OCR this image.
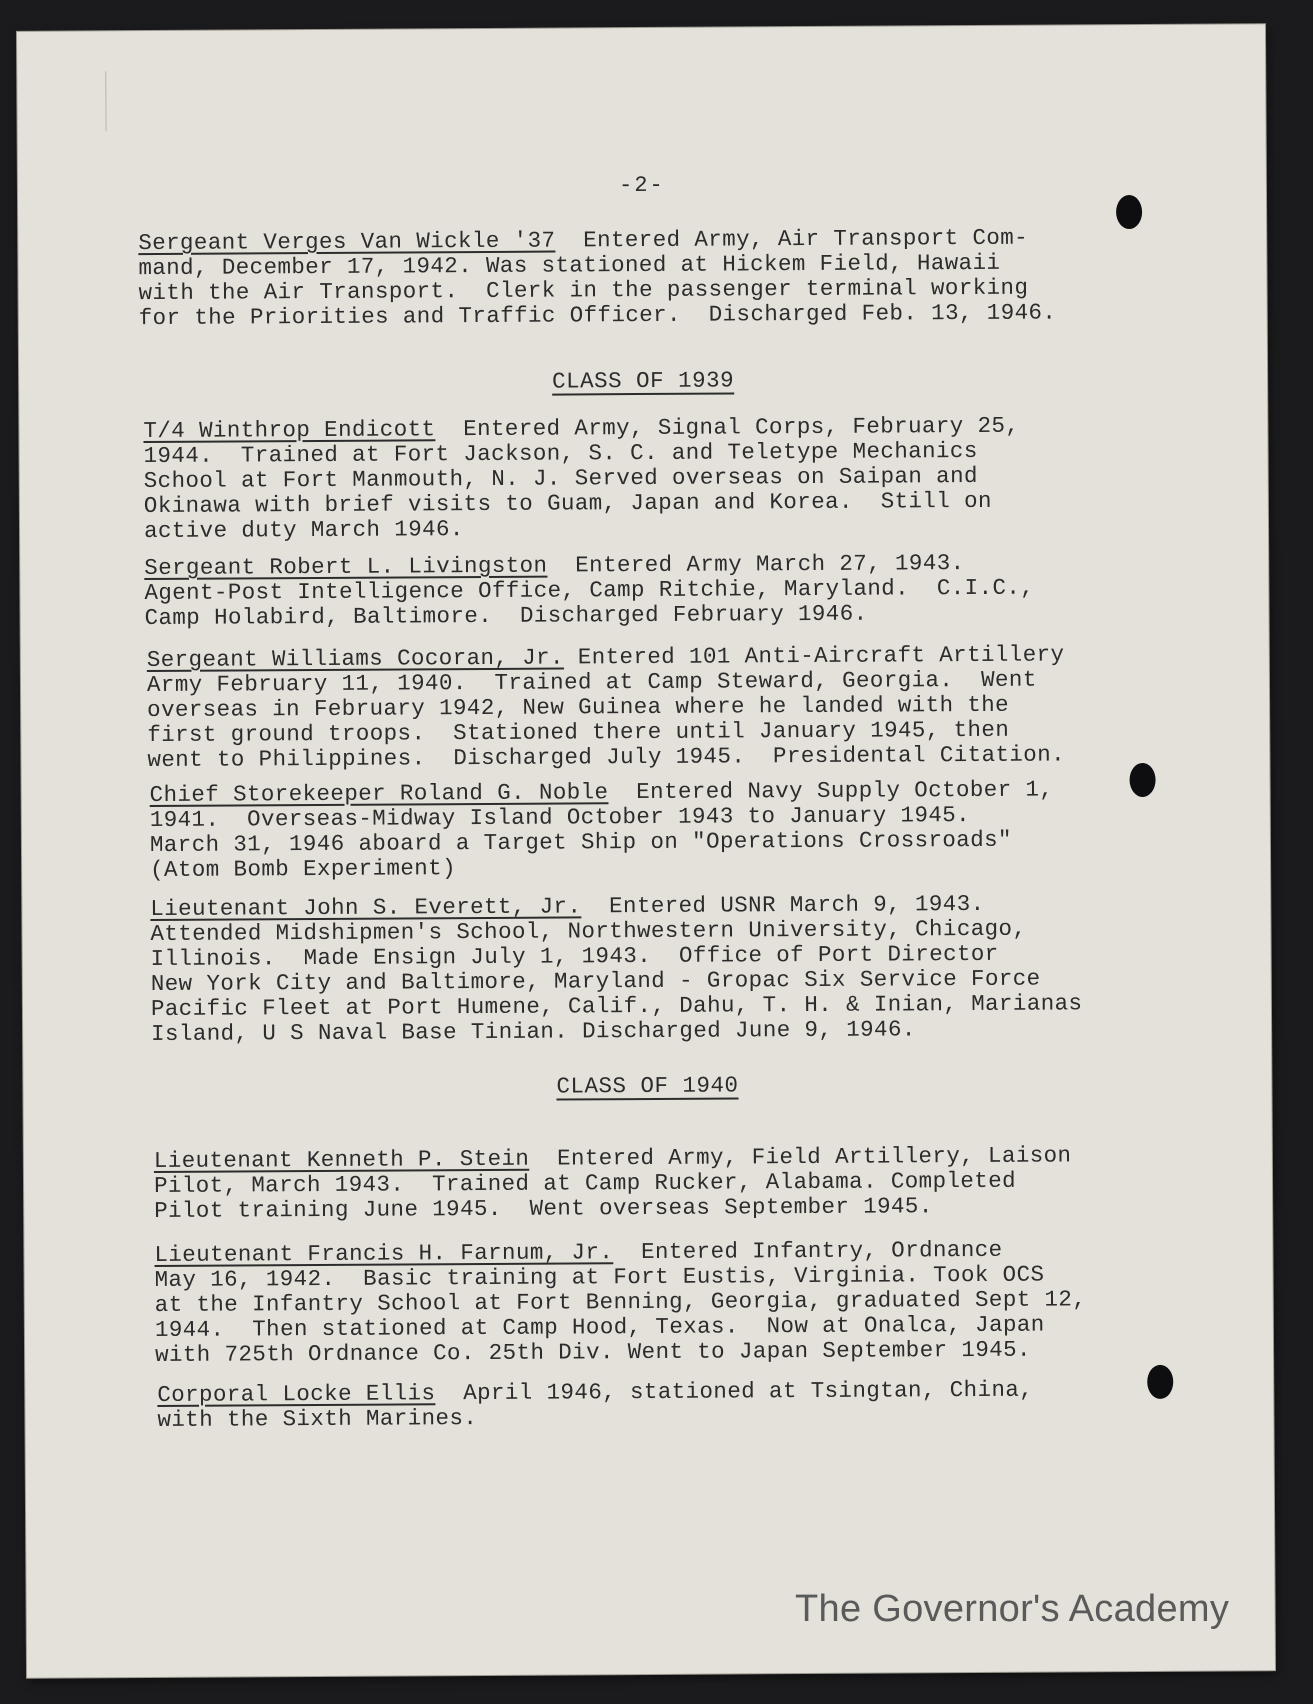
-2-
Sergeant Verges Van Wickle '37  Entered Army, Air Transport Com-
mand, December 17, 1942. Was stationed at Hickem Field, Hawaii
with the Air Transport.  Clerk in the passenger terminal working
for the Priorities and Traffic Officer.  Discharged Feb. 13, 1946.
CLASS OF 1939
T/4 Winthrop Endicott  Entered Army, Signal Corps, February 25,
1944.  Trained at Fort Jackson, S. C. and Teletype Mechanics
School at Fort Manmouth, N. J. Served overseas on Saipan and
Okinawa with brief visits to Guam, Japan and Korea.  Still on
active duty March 1946.
Sergeant Robert L. Livingston  Entered Army March 27, 1943.
Agent-Post Intelligence Office, Camp Ritchie, Maryland.  C.I.C.,
Camp Holabird, Baltimore.  Discharged February 1946.
Sergeant Williams Cocoran, Jr. Entered 101 Anti-Aircraft Artillery
Army February 11, 1940.  Trained at Camp Steward, Georgia.  Went
overseas in February 1942, New Guinea where he landed with the
first ground troops.  Stationed there until January 1945, then
went to Philippines.  Discharged July 1945.  Presidental Citation.
Chief Storekeeper Roland G. Noble  Entered Navy Supply October 1,
1941.  Overseas-Midway Island October 1943 to January 1945.
March 31, 1946 aboard a Target Ship on "Operations Crossroads"
(Atom Bomb Experiment)
Lieutenant John S. Everett, Jr.  Entered USNR March 9, 1943.
Attended Midshipmen's School, Northwestern University, Chicago,
Illinois.  Made Ensign July 1, 1943.  Office of Port Director
New York City and Baltimore, Maryland - Gropac Six Service Force
Pacific Fleet at Port Humene, Calif., Dahu, T. H. & Inian, Marianas
Island, U S Naval Base Tinian. Discharged June 9, 1946.
CLASS OF 1940
Lieutenant Kenneth P. Stein  Entered Army, Field Artillery, Laison
Pilot, March 1943.  Trained at Camp Rucker, Alabama. Completed
Pilot training June 1945.  Went overseas September 1945.
Lieutenant Francis H. Farnum, Jr.  Entered Infantry, Ordnance
May 16, 1942.  Basic training at Fort Eustis, Virginia. Took OCS
at the Infantry School at Fort Benning, Georgia, graduated Sept 12,
1944.  Then stationed at Camp Hood, Texas.  Now at Onalca, Japan
with 725th Ordnance Co. 25th Div. Went to Japan September 1945.
Corporal Locke Ellis  April 1946, stationed at Tsingtan, China,
with the Sixth Marines.
The Governor's Academy
